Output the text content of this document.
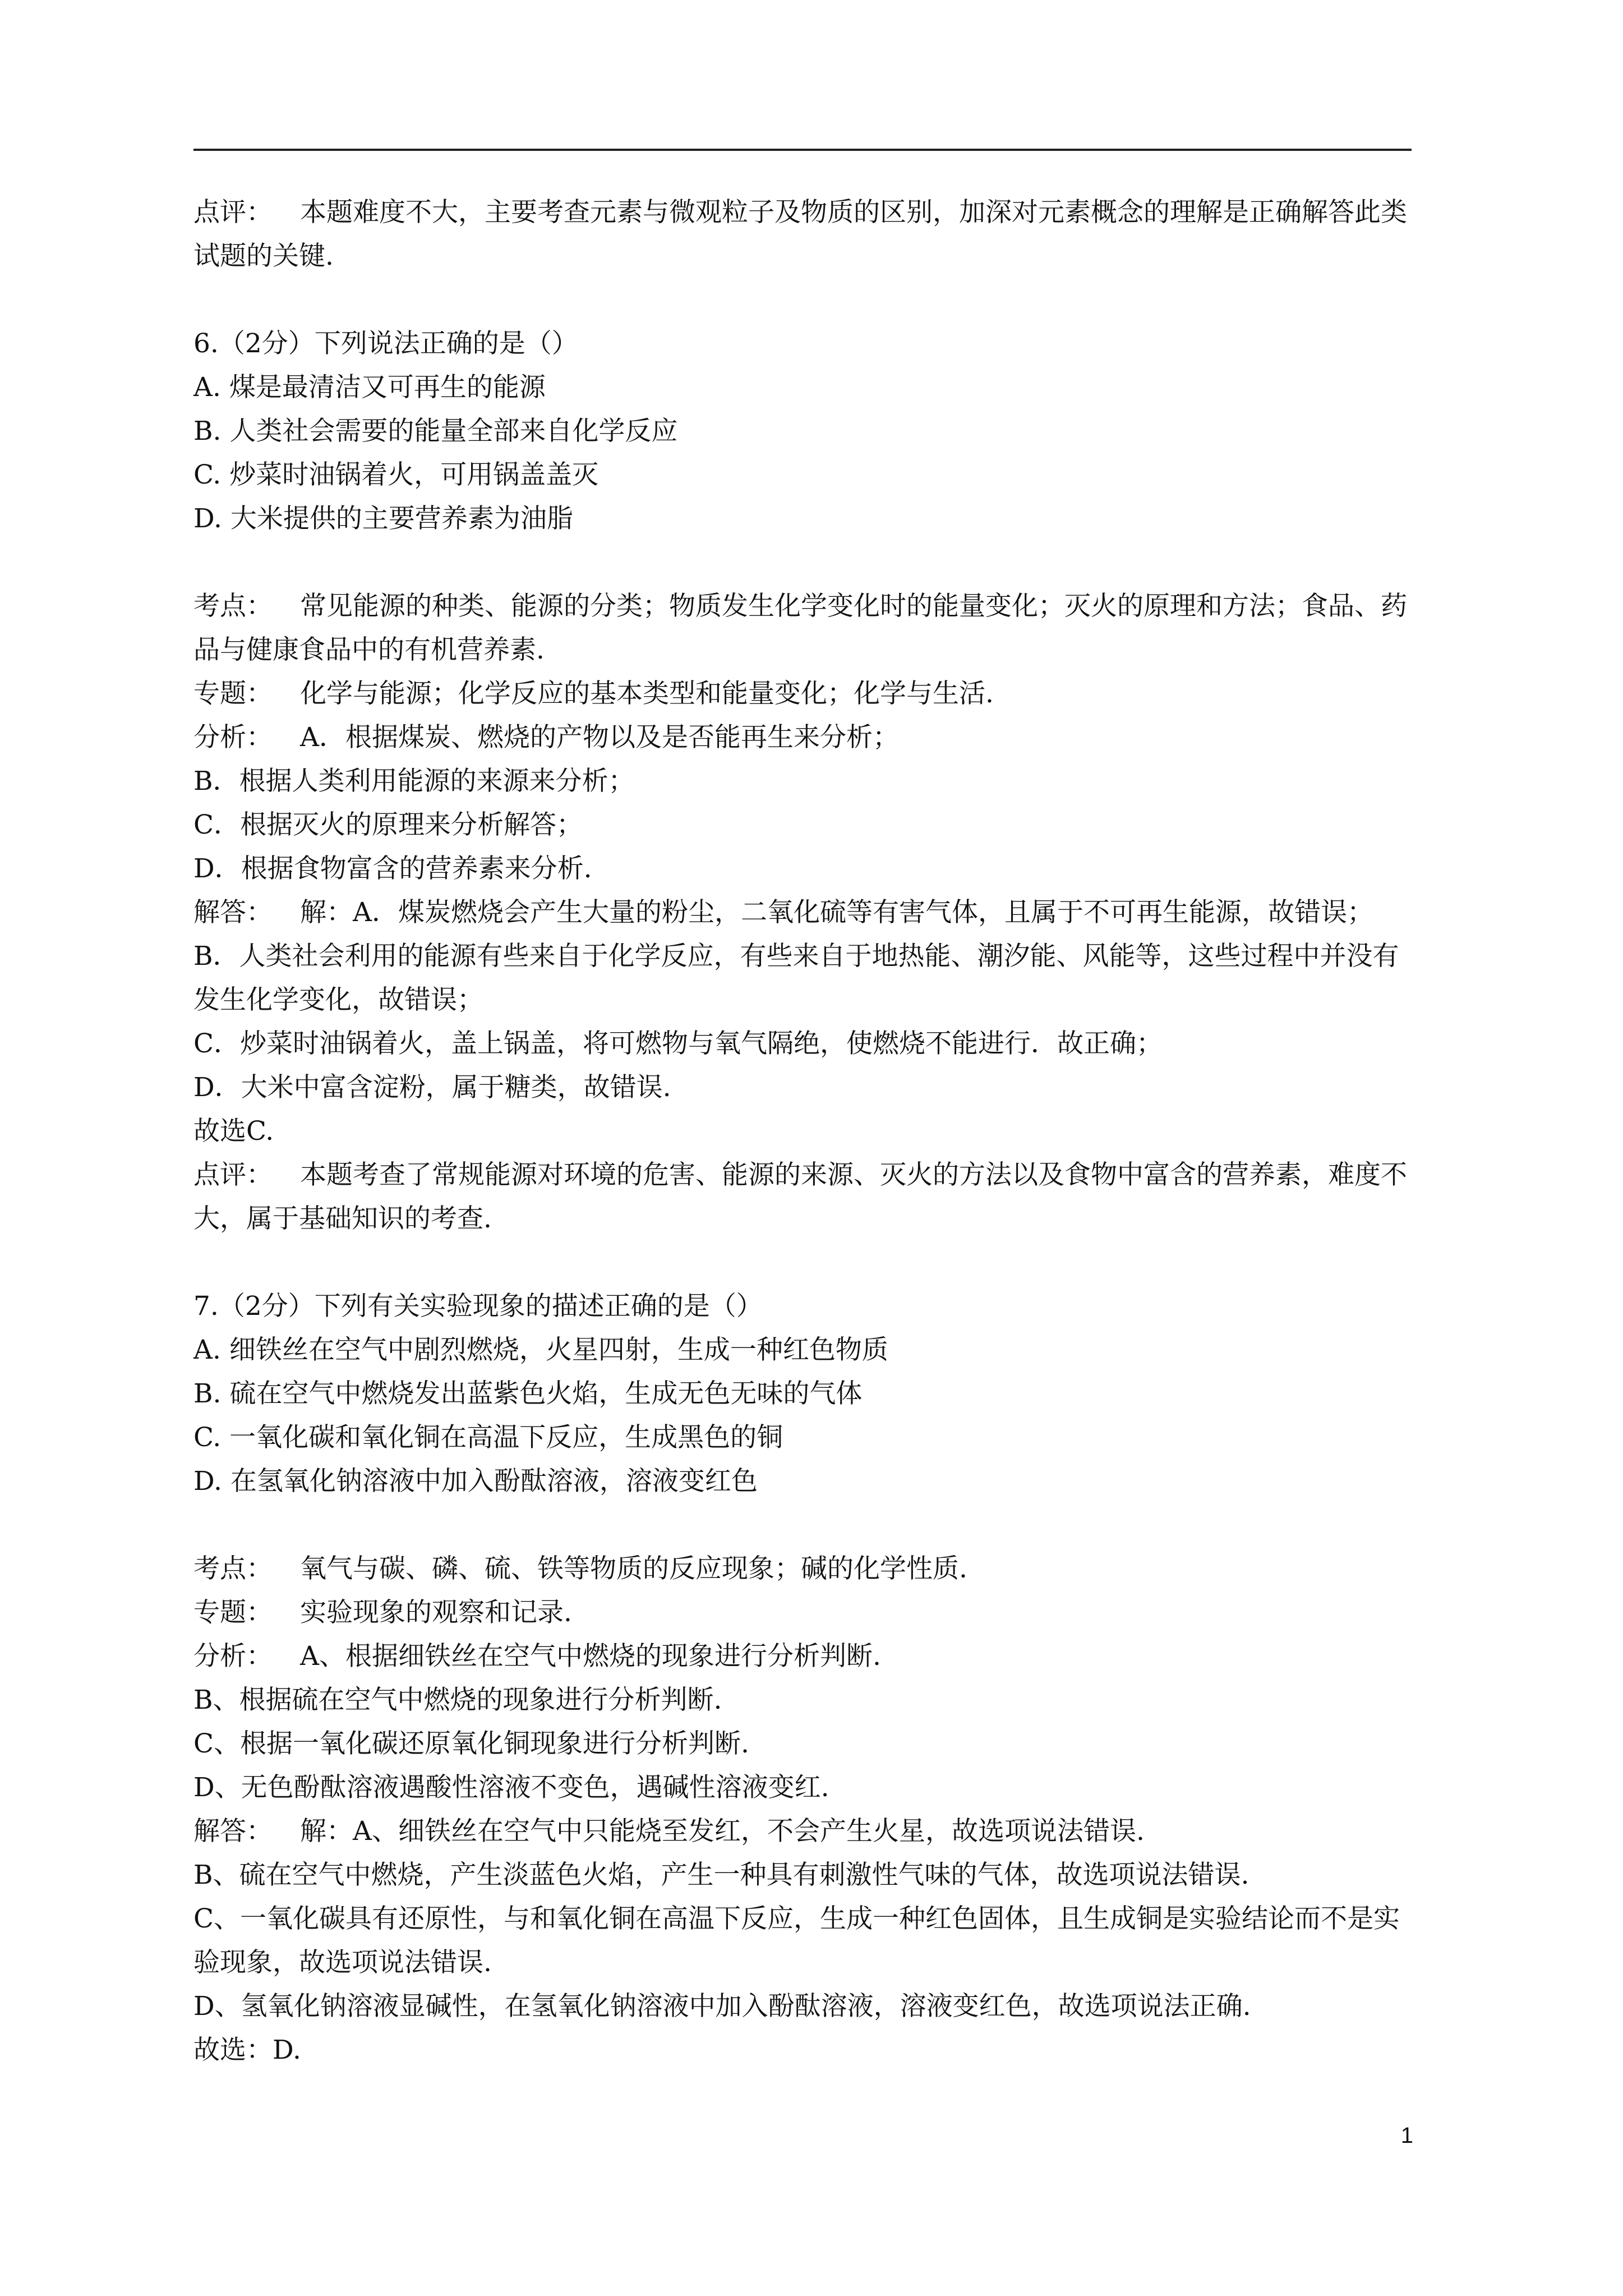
点评： 本题难度不大，主要考查元素与微观粒子及物质的区别，加深对元素概念的理解是正确解答此类试题的关键.

6.（2分）下列说法正确的是（）

A. 煤是最清洁又可再生的能源

B. 人类社会需要的能量全部来自化学反应

C. 炒菜时油锅着火，可用锅盖盖灭

D. 大米提供的主要营养素为油脂

考点： 常见能源的种类、能源的分类；物质发生化学变化时的能量变化；灭火的原理和方法；食品、药品与健康食品中的有机营养素.

专题： 化学与能源；化学反应的基本类型和能量变化；化学与生活.

分析： A．根据煤炭、燃烧的产物以及是否能再生来分析；

B．根据人类利用能源的来源来分析；

C．根据灭火的原理来分析解答；

D．根据食物富含的营养素来分析.

解答： 解：A．煤炭燃烧会产生大量的粉尘，二氧化硫等有害气体，且属于不可再生能源，故错误；

B．人类社会利用的能源有些来自于化学反应，有些来自于地热能、潮汐能、风能等，这些过程中并没有发生化学变化，故错误；

C．炒菜时油锅着火，盖上锅盖，将可燃物与氧气隔绝，使燃烧不能进行．故正确；

D．大米中富含淀粉，属于糖类，故错误.

故选C.

点评： 本题考查了常规能源对环境的危害、能源的来源、灭火的方法以及食物中富含的营养素，难度不大，属于基础知识的考查.

7.（2分）下列有关实验现象的描述正确的是（）

A. 细铁丝在空气中剧烈燃烧，火星四射，生成一种红色物质

B. 硫在空气中燃烧发出蓝紫色火焰，生成无色无味的气体

C. 一氧化碳和氧化铜在高温下反应，生成黑色的铜

D. 在氢氧化钠溶液中加入酚酞溶液，溶液变红色

考点： 氧气与碳、磷、硫、铁等物质的反应现象；碱的化学性质.

专题： 实验现象的观察和记录.

分析： A、根据细铁丝在空气中燃烧的现象进行分析判断.

B、根据硫在空气中燃烧的现象进行分析判断.

C、根据一氧化碳还原氧化铜现象进行分析判断.

D、无色酚酞溶液遇酸性溶液不变色，遇碱性溶液变红.

解答： 解：A、细铁丝在空气中只能烧至发红，不会产生火星，故选项说法错误.

B、硫在空气中燃烧，产生淡蓝色火焰，产生一种具有刺激性气味的气体，故选项说法错误.

C、一氧化碳具有还原性，与和氧化铜在高温下反应，生成一种红色固体，且生成铜是实验结论而不是实验现象，故选项说法错误.

D、氢氧化钠溶液显碱性，在氢氧化钠溶液中加入酚酞溶液，溶液变红色，故选项说法正确.

故选：D.

1
